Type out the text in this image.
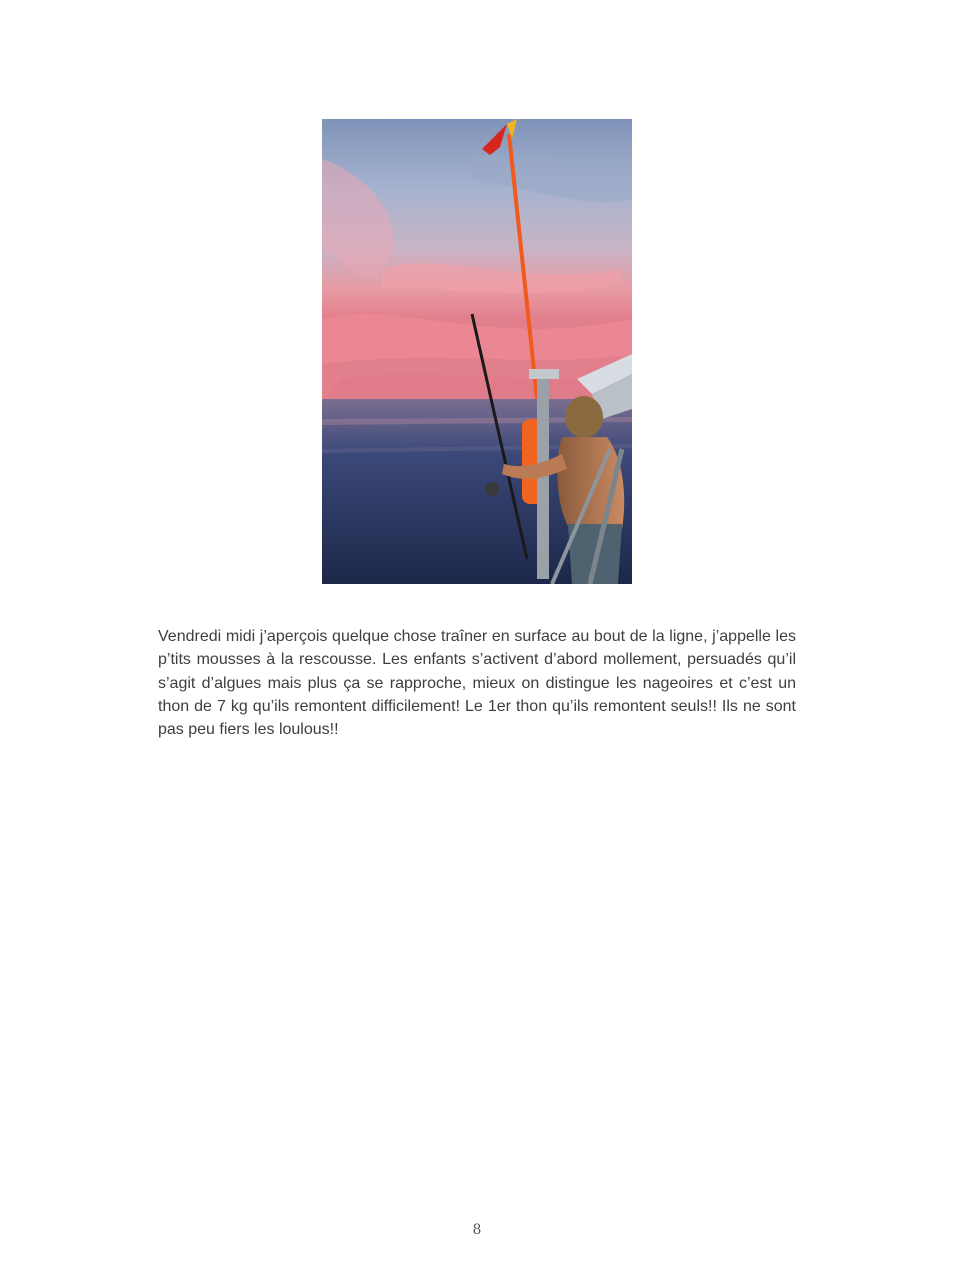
Vendredi midi j’aperçois quelque chose traîner en surface au bout de la ligne, j’appelle les p’tits mousses à la rescousse. Les enfants s’activent d’abord mollement, persuadés qu’il s’agit d’algues mais plus ça se rapproche, mieux on distingue les nageoires et c’est un thon de 7 kg qu’ils remontent difficilement! Le 1er thon qu’ils remontent seuls!! Ils ne sont pas peu fiers les loulous!!

8
